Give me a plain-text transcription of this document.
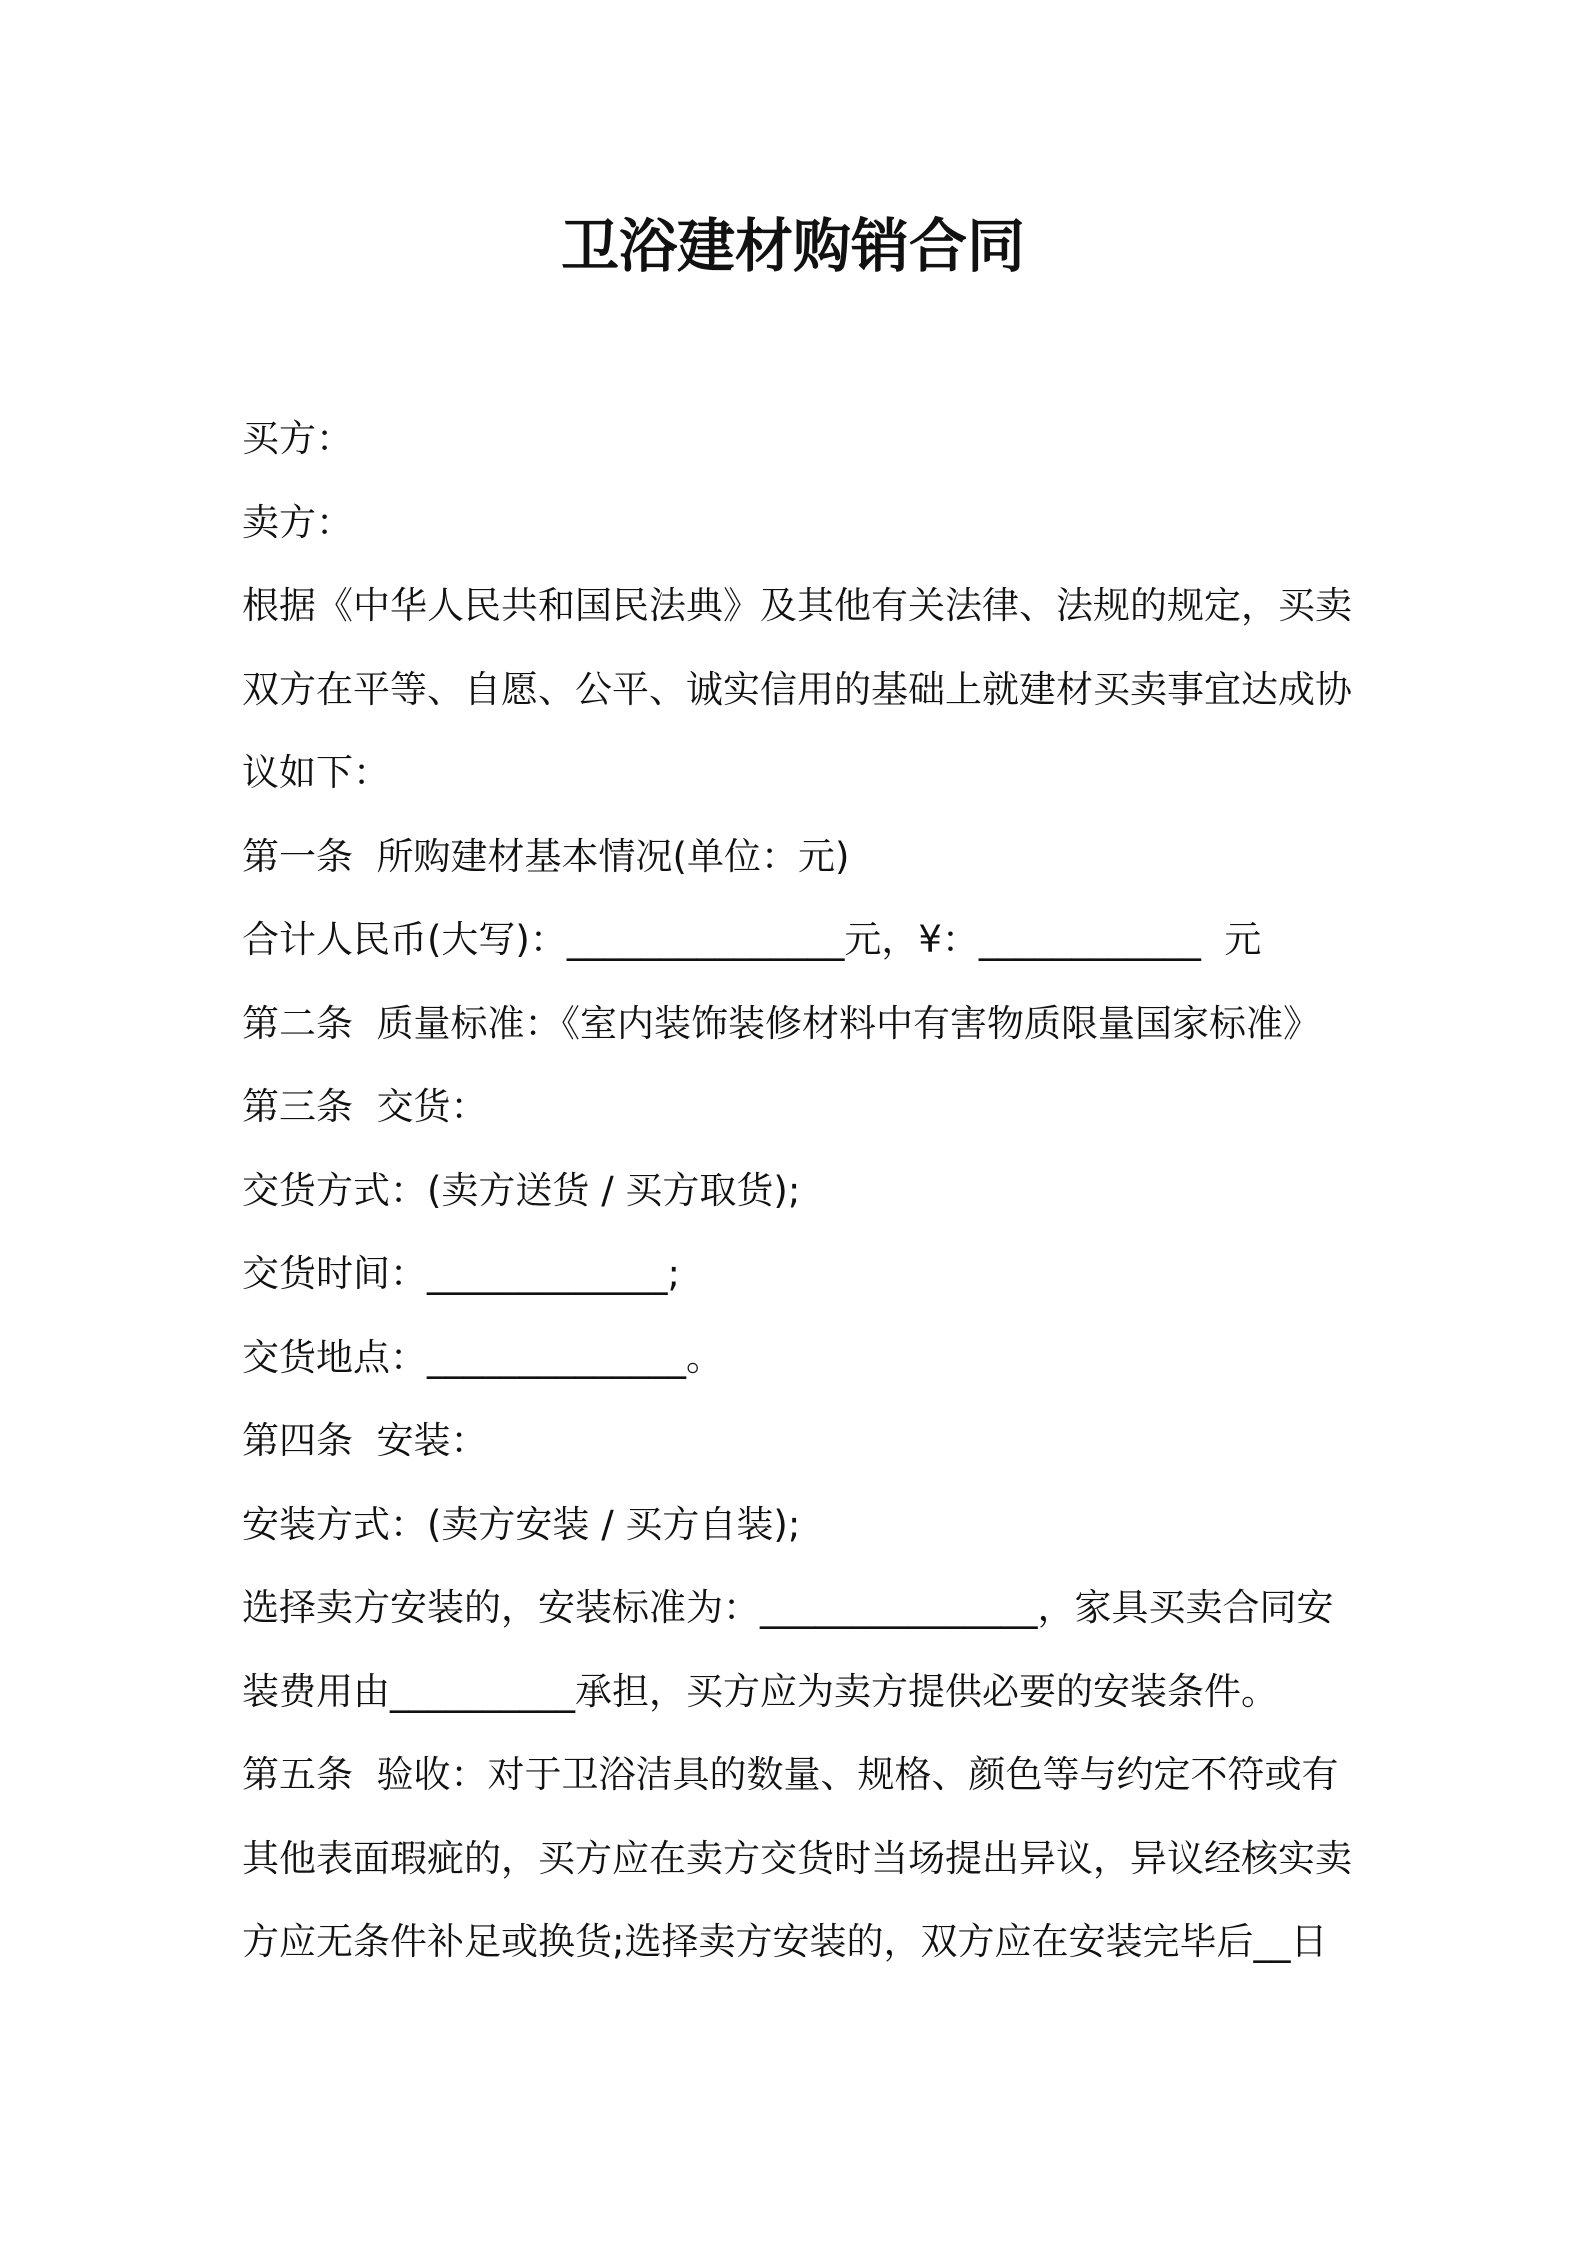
卫浴建材购销合同
买方：
卖方：
根据《中华人民共和国民法典》及其他有关法律、法规的规定，买卖
双方在平等、自愿、公平、诚实信用的基础上就建材买卖事宜达成协
议如下：
第一条  所购建材基本情况(单位：元)
合计人民币(大写)：_______________元，¥：____________  元
第二条  质量标准：《室内装饰装修材料中有害物质限量国家标准》
第三条  交货：
交货方式：(卖方送货 / 买方取货);
交货时间：_____________;
交货地点：______________。
第四条  安装：
安装方式：(卖方安装 / 买方自装);
选择卖方安装的，安装标准为：_______________，家具买卖合同安
装费用由__________承担，买方应为卖方提供必要的安装条件。
第五条  验收：对于卫浴洁具的数量、规格、颜色等与约定不符或有
其他表面瑕疵的，买方应在卖方交货时当场提出异议，异议经核实卖
方应无条件补足或换货;选择卖方安装的，双方应在安装完毕后__日
